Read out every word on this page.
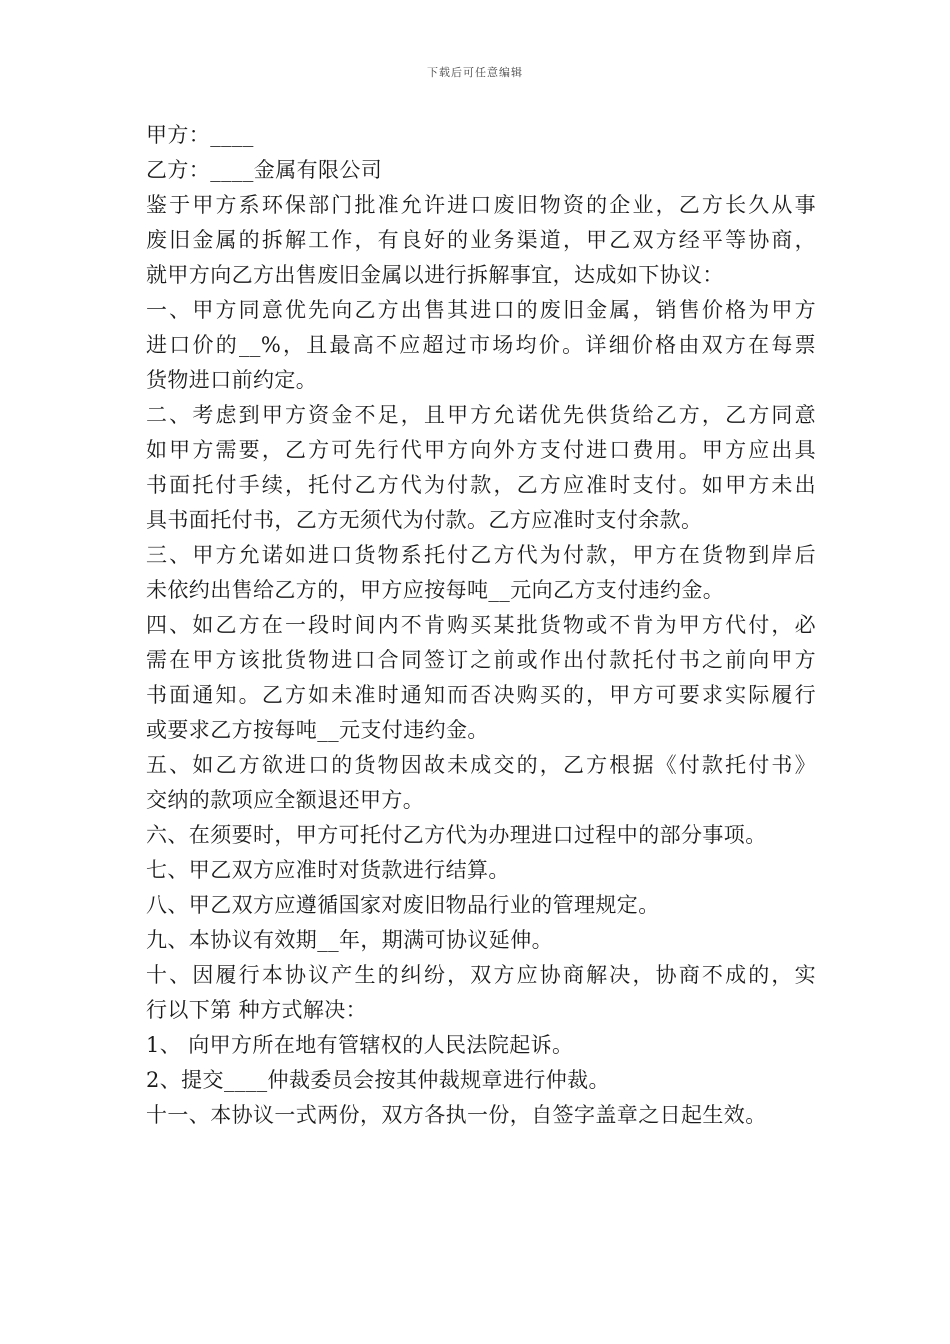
下载后可任意编辑
甲方：____
乙方：____金属有限公司
鉴于甲方系环保部门批准允许进口废旧物资的企业，乙方长久从事
废旧金属的拆解工作，有良好的业务渠道，甲乙双方经平等协商，
就甲方向乙方出售废旧金属以进行拆解事宜，达成如下协议：
一、甲方同意优先向乙方出售其进口的废旧金属，销售价格为甲方
进口价的__%，且最高不应超过市场均价。详细价格由双方在每票
货物进口前约定。
二、考虑到甲方资金不足，且甲方允诺优先供货给乙方，乙方同意
如甲方需要，乙方可先行代甲方向外方支付进口费用。甲方应出具
书面托付手续，托付乙方代为付款，乙方应准时支付。如甲方未出
具书面托付书，乙方无须代为付款。乙方应准时支付余款。
三、甲方允诺如进口货物系托付乙方代为付款，甲方在货物到岸后
未依约出售给乙方的，甲方应按每吨__元向乙方支付违约金。
四、如乙方在一段时间内不肯购买某批货物或不肯为甲方代付，必
需在甲方该批货物进口合同签订之前或作出付款托付书之前向甲方
书面通知。乙方如未准时通知而否决购买的，甲方可要求实际履行
或要求乙方按每吨__元支付违约金。
五、如乙方欲进口的货物因故未成交的，乙方根据《付款托付书》
交纳的款项应全额退还甲方。
六、在须要时，甲方可托付乙方代为办理进口过程中的部分事项。
七、甲乙双方应准时对货款进行结算。
八、甲乙双方应遵循国家对废旧物品行业的管理规定。
九、本协议有效期__年，期满可协议延伸。
十、因履行本协议产生的纠纷，双方应协商解决，协商不成的，实
行以下第 种方式解决：
1、 向甲方所在地有管辖权的人民法院起诉。
2、提交____仲裁委员会按其仲裁规章进行仲裁。
十一、本协议一式两份，双方各执一份，自签字盖章之日起生效。
